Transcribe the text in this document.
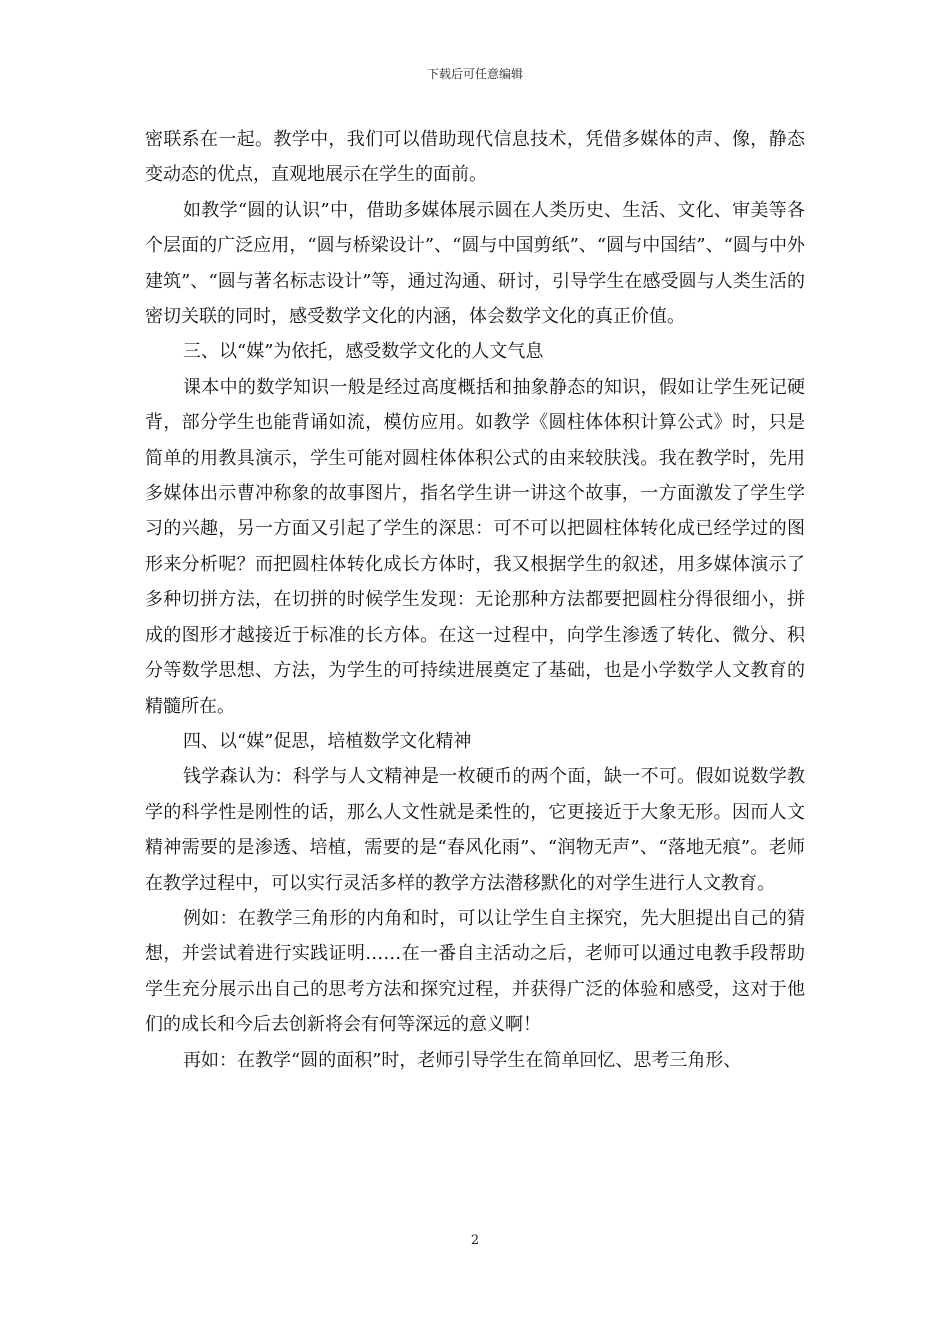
下载后可任意编辑

密联系在一起。教学中，我们可以借助现代信息技术，凭借多媒体的声、像，静态变动态的优点，直观地展示在学生的面前。

如教学“圆的认识”中，借助多媒体展示圆在人类历史、生活、文化、审美等各个层面的广泛应用，“圆与桥梁设计”、“圆与中国剪纸”、“圆与中国结”、“圆与中外建筑”、“圆与著名标志设计”等，通过沟通、研讨，引导学生在感受圆与人类生活的密切关联的同时，感受数学文化的内涵，体会数学文化的真正价值。

三、以“媒”为依托，感受数学文化的人文气息

课本中的数学知识一般是经过高度概括和抽象静态的知识，假如让学生死记硬背，部分学生也能背诵如流，模仿应用。如教学《圆柱体体积计算公式》时，只是简单的用教具演示，学生可能对圆柱体体积公式的由来较肤浅。我在教学时，先用多媒体出示曹冲称象的故事图片，指名学生讲一讲这个故事，一方面激发了学生学习的兴趣，另一方面又引起了学生的深思：可不可以把圆柱体转化成已经学过的图形来分析呢？而把圆柱体转化成长方体时，我又根据学生的叙述，用多媒体演示了多种切拼方法，在切拼的时候学生发现：无论那种方法都要把圆柱分得很细小，拼成的图形才越接近于标准的长方体。在这一过程中，向学生渗透了转化、微分、积分等数学思想、方法，为学生的可持续进展奠定了基础，也是小学数学人文教育的精髓所在。

四、以“媒”促思，培植数学文化精神

钱学森认为：科学与人文精神是一枚硬币的两个面，缺一不可。假如说数学教学的科学性是刚性的话，那么人文性就是柔性的，它更接近于大象无形。因而人文精神需要的是渗透、培植，需要的是“春风化雨”、“润物无声”、“落地无痕”。老师在教学过程中，可以实行灵活多样的教学方法潜移默化的对学生进行人文教育。

例如：在教学三角形的内角和时，可以让学生自主探究，先大胆提出自己的猜想，并尝试着进行实践证明……在一番自主活动之后，老师可以通过电教手段帮助学生充分展示出自己的思考方法和探究过程，并获得广泛的体验和感受，这对于他们的成长和今后去创新将会有何等深远的意义啊！

再如：在教学“圆的面积”时，老师引导学生在简单回忆、思考三角形、

2
